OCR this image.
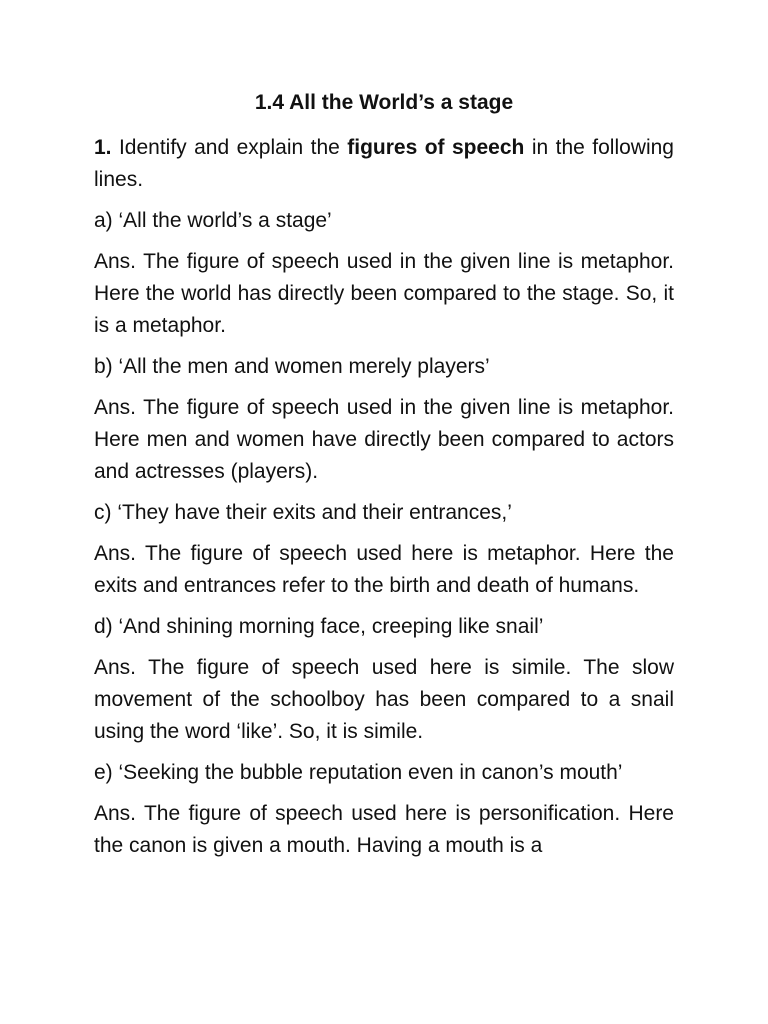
1.4 All the World’s a stage
1. Identify and explain the figures of speech in the following lines.
a) ‘All the world’s a stage’
Ans. The figure of speech used in the given line is metaphor. Here the world has directly been compared to the stage. So, it is a metaphor.
b) ‘All the men and women merely players’
Ans. The figure of speech used in the given line is metaphor. Here men and women have directly been compared to actors and actresses (players).
c) ‘They have their exits and their entrances,’
Ans. The figure of speech used here is metaphor. Here the exits and entrances refer to the birth and death of humans.
d) ‘And shining morning face, creeping like snail’
Ans. The figure of speech used here is simile. The slow movement of the schoolboy has been compared to a snail using the word ‘like’. So, it is simile.
e) ‘Seeking the bubble reputation even in canon’s mouth’
Ans. The figure of speech used here is personification. Here the canon is given a mouth. Having a mouth is a
